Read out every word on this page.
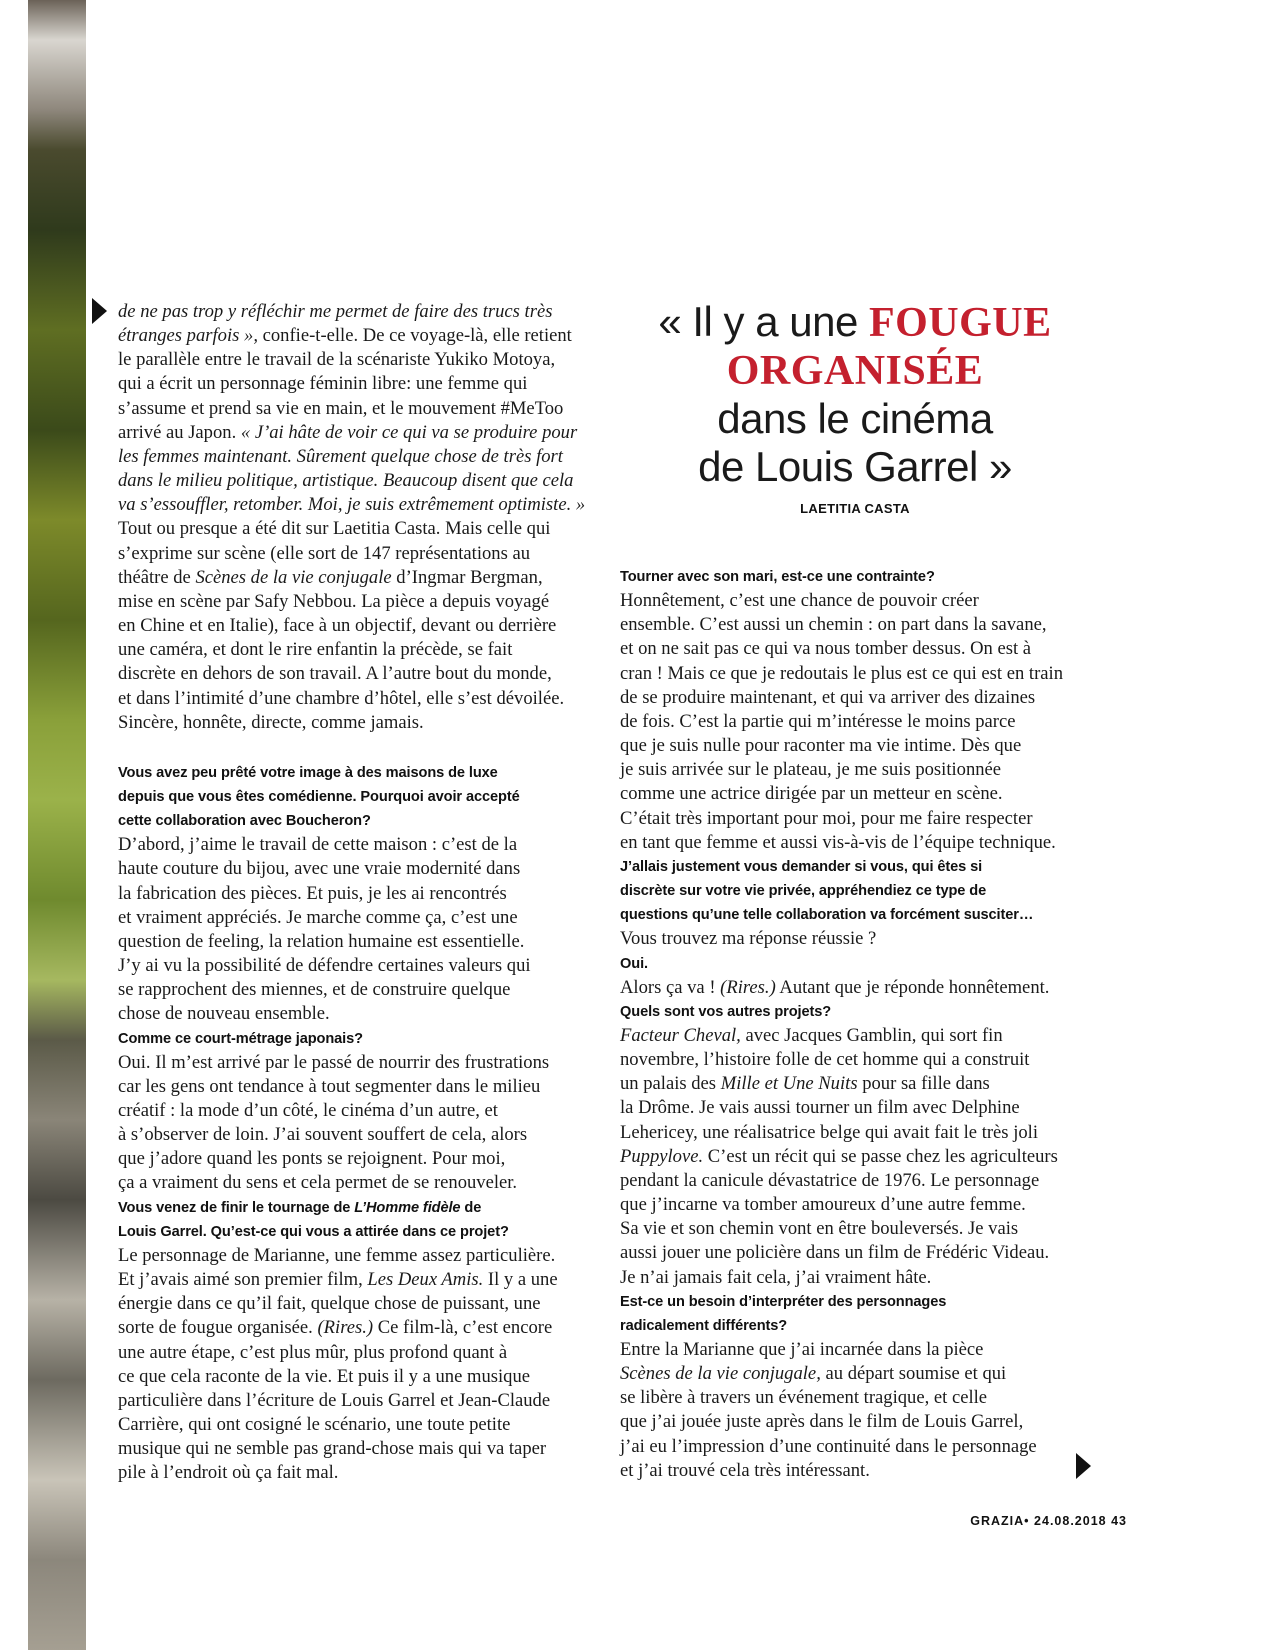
de ne pas trop y réfléchir me permet de faire des trucs très
étranges parfois », confie-t-elle. De ce voyage-là, elle retient
le parallèle entre le travail de la scénariste Yukiko Motoya,
qui a écrit un personnage féminin libre: une femme qui
s’assume et prend sa vie en main, et le mouvement #MeToo
arrivé au Japon. « J’ai hâte de voir ce qui va se produire pour
les femmes maintenant. Sûrement quelque chose de très fort
dans le milieu politique, artistique. Beaucoup disent que cela
va s’essouffler, retomber. Moi, je suis extrêmement optimiste. »
Tout ou presque a été dit sur Laetitia Casta. Mais celle qui
s’exprime sur scène (elle sort de 147 représentations au
théâtre de Scènes de la vie conjugale d’Ingmar Bergman,
mise en scène par Safy Nebbou. La pièce a depuis voyagé
en Chine et en Italie), face à un objectif, devant ou derrière
une caméra, et dont le rire enfantin la précède, se fait
discrète en dehors de son travail. A l’autre bout du monde,
et dans l’intimité d’une chambre d’hôtel, elle s’est dévoilée.
Sincère, honnête, directe, comme jamais.
Vous avez peu prêté votre image à des maisons de luxe
depuis que vous êtes comédienne. Pourquoi avoir accepté
cette collaboration avec Boucheron?
D’abord, j’aime le travail de cette maison : c’est de la
haute couture du bijou, avec une vraie modernité dans
la fabrication des pièces. Et puis, je les ai rencontrés
et vraiment appréciés. Je marche comme ça, c’est une
question de feeling, la relation humaine est essentielle.
J’y ai vu la possibilité de défendre certaines valeurs qui
se rapprochent des miennes, et de construire quelque
chose de nouveau ensemble.
Comme ce court-métrage japonais?
Oui. Il m’est arrivé par le passé de nourrir des frustrations
car les gens ont tendance à tout segmenter dans le milieu
créatif : la mode d’un côté, le cinéma d’un autre, et
à s’observer de loin. J’ai souvent souffert de cela, alors
que j’adore quand les ponts se rejoignent. Pour moi,
ça a vraiment du sens et cela permet de se renouveler.
Vous venez de finir le tournage de L’Homme fidèle de
Louis Garrel. Qu’est-ce qui vous a attirée dans ce projet?
Le personnage de Marianne, une femme assez particulière.
Et j’avais aimé son premier film, Les Deux Amis. Il y a une
énergie dans ce qu’il fait, quelque chose de puissant, une
sorte de fougue organisée. (Rires.) Ce film-là, c’est encore
une autre étape, c’est plus mûr, plus profond quant à
ce que cela raconte de la vie. Et puis il y a une musique
particulière dans l’écriture de Louis Garrel et Jean-Claude
Carrière, qui ont cosigné le scénario, une toute petite
musique qui ne semble pas grand-chose mais qui va taper
pile à l’endroit où ça fait mal.
« Il y a une FOUGUE
ORGANISÉE
dans le cinéma
de Louis Garrel »
LAETITIA CASTA
Tourner avec son mari, est-ce une contrainte?
Honnêtement, c’est une chance de pouvoir créer
ensemble. C’est aussi un chemin : on part dans la savane,
et on ne sait pas ce qui va nous tomber dessus. On est à
cran ! Mais ce que je redoutais le plus est ce qui est en train
de se produire maintenant, et qui va arriver des dizaines
de fois. C’est la partie qui m’intéresse le moins parce
que je suis nulle pour raconter ma vie intime. Dès que
je suis arrivée sur le plateau, je me suis positionnée
comme une actrice dirigée par un metteur en scène.
C’était très important pour moi, pour me faire respecter
en tant que femme et aussi vis-à-vis de l’équipe technique.
J’allais justement vous demander si vous, qui êtes si
discrète sur votre vie privée, appréhendiez ce type de
questions qu’une telle collaboration va forcément susciter…
Vous trouvez ma réponse réussie ?
Oui.
Alors ça va ! (Rires.) Autant que je réponde honnêtement.
Quels sont vos autres projets?
Facteur Cheval, avec Jacques Gamblin, qui sort fin
novembre, l’histoire folle de cet homme qui a construit
un palais des Mille et Une Nuits pour sa fille dans
la Drôme. Je vais aussi tourner un film avec Delphine
Lehericey, une réalisatrice belge qui avait fait le très joli
Puppylove. C’est un récit qui se passe chez les agriculteurs
pendant la canicule dévastatrice de 1976. Le personnage
que j’incarne va tomber amoureux d’une autre femme.
Sa vie et son chemin vont en être bouleversés. Je vais
aussi jouer une policière dans un film de Frédéric Videau.
Je n’ai jamais fait cela, j’ai vraiment hâte.
Est-ce un besoin d’interpréter des personnages
radicalement différents?
Entre la Marianne que j’ai incarnée dans la pièce
Scènes de la vie conjugale, au départ soumise et qui
se libère à travers un événement tragique, et celle
que j’ai jouée juste après dans le film de Louis Garrel,
j’ai eu l’impression d’une continuité dans le personnage
et j’ai trouvé cela très intéressant.
GRAZIA• 24.08.2018 43
